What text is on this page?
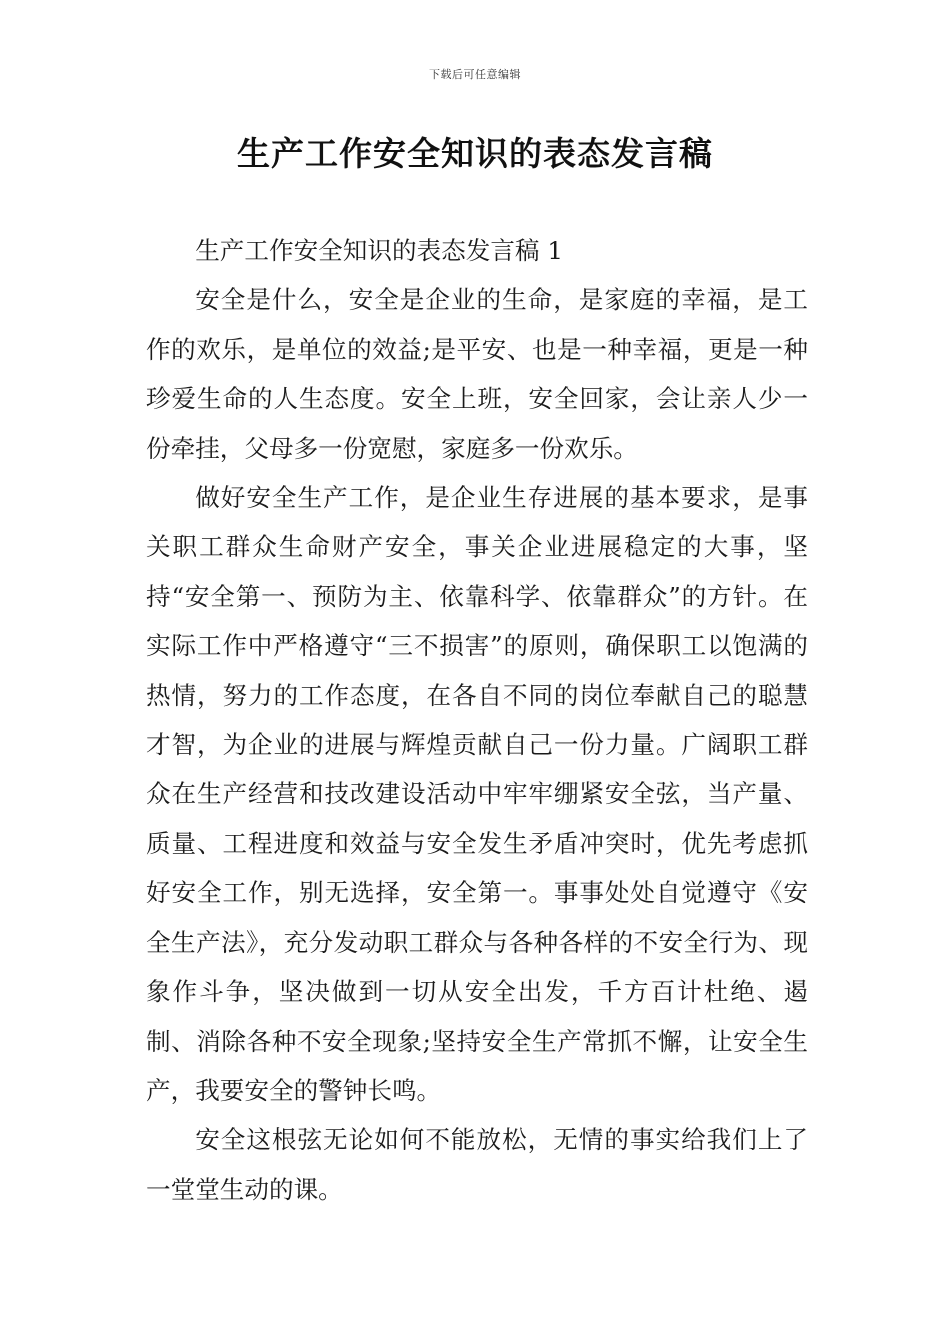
下载后可任意编辑
生产工作安全知识的表态发言稿

生产工作安全知识的表态发言稿 1

安全是什么，安全是企业的生命，是家庭的幸福，是工作的欢乐，是单位的效益;是平安、也是一种幸福，更是一种珍爱生命的人生态度。安全上班，安全回家，会让亲人少一份牵挂，父母多一份宽慰，家庭多一份欢乐。

做好安全生产工作，是企业生存进展的基本要求，是事关职工群众生命财产安全，事关企业进展稳定的大事，坚持“安全第一、预防为主、依靠科学、依靠群众”的方针。在实际工作中严格遵守“三不损害”的原则，确保职工以饱满的热情，努力的工作态度，在各自不同的岗位奉献自己的聪慧才智，为企业的进展与辉煌贡献自己一份力量。广阔职工群众在生产经营和技改建设活动中牢牢绷紧安全弦，当产量、质量、工程进度和效益与安全发生矛盾冲突时，优先考虑抓好安全工作，别无选择，安全第一。事事处处自觉遵守《安全生产法》，充分发动职工群众与各种各样的不安全行为、现象作斗争，坚决做到一切从安全出发，千方百计杜绝、遏制、消除各种不安全现象;坚持安全生产常抓不懈，让安全生产，我要安全的警钟长鸣。

安全这根弦无论如何不能放松，无情的事实给我们上了一堂堂生动的课。
